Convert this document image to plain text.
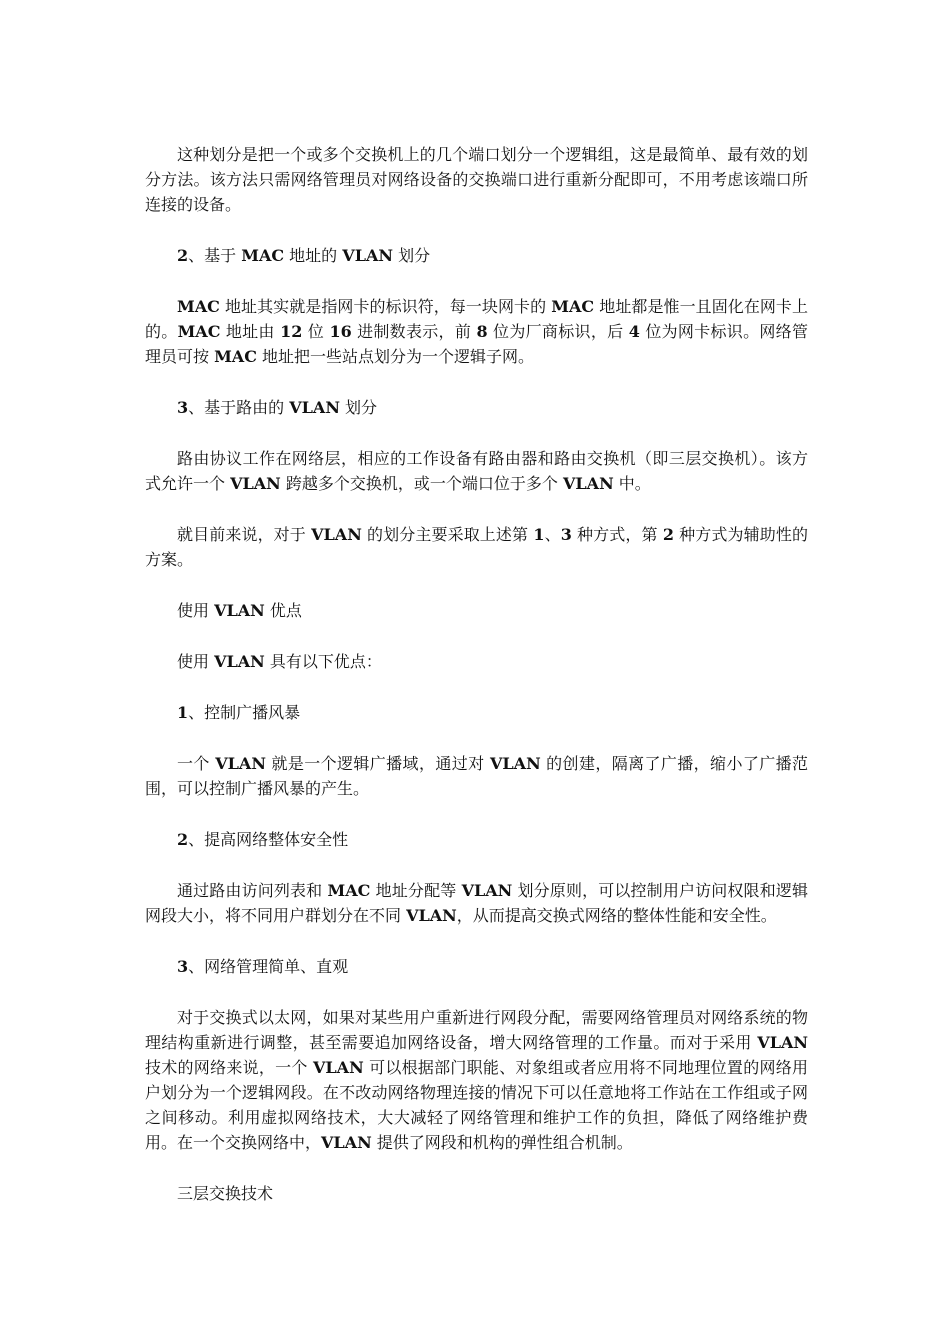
这种划分是把一个或多个交换机上的几个端口划分一个逻辑组，这是最简单、最有效的划分方法。该方法只需网络管理员对网络设备的交换端口进行重新分配即可，不用考虑该端口所连接的设备。

2、基于 MAC 地址的 VLAN 划分

MAC 地址其实就是指网卡的标识符，每一块网卡的 MAC 地址都是惟一且固化在网卡上的。MAC 地址由 12 位 16 进制数表示，前 8 位为厂商标识，后 4 位为网卡标识。网络管理员可按 MAC 地址把一些站点划分为一个逻辑子网。

3、基于路由的 VLAN 划分

路由协议工作在网络层，相应的工作设备有路由器和路由交换机（即三层交换机）。该方式允许一个 VLAN 跨越多个交换机，或一个端口位于多个 VLAN 中。

就目前来说，对于 VLAN 的划分主要采取上述第 1、3 种方式，第 2 种方式为辅助性的方案。

使用 VLAN 优点

使用 VLAN 具有以下优点：

1、控制广播风暴

一个 VLAN 就是一个逻辑广播域，通过对 VLAN 的创建，隔离了广播，缩小了广播范围，可以控制广播风暴的产生。

2、提高网络整体安全性

通过路由访问列表和 MAC 地址分配等 VLAN 划分原则，可以控制用户访问权限和逻辑网段大小，将不同用户群划分在不同 VLAN，从而提高交换式网络的整体性能和安全性。

3、网络管理简单、直观

对于交换式以太网，如果对某些用户重新进行网段分配，需要网络管理员对网络系统的物理结构重新进行调整，甚至需要追加网络设备，增大网络管理的工作量。而对于采用 VLAN 技术的网络来说，一个 VLAN 可以根据部门职能、对象组或者应用将不同地理位置的网络用户划分为一个逻辑网段。在不改动网络物理连接的情况下可以任意地将工作站在工作组或子网之间移动。利用虚拟网络技术，大大减轻了网络管理和维护工作的负担，降低了网络维护费用。在一个交换网络中，VLAN 提供了网段和机构的弹性组合机制。

三层交换技术
